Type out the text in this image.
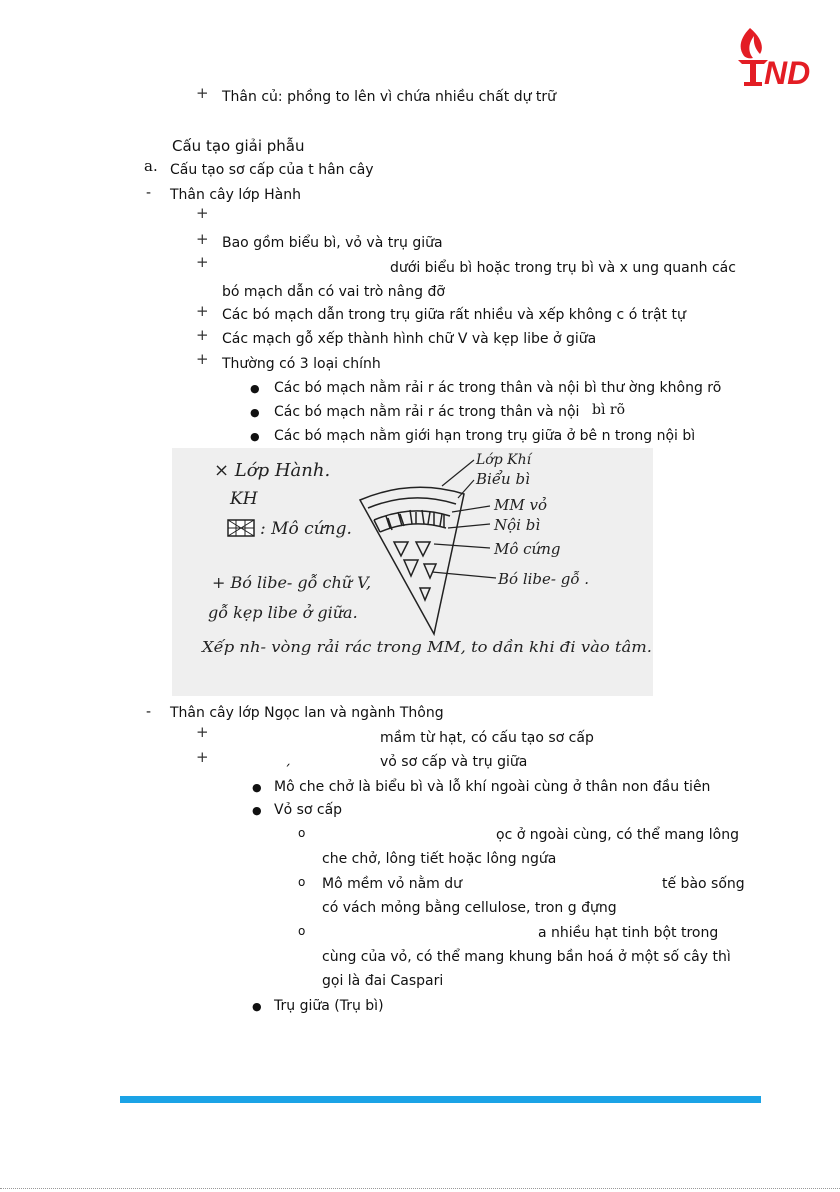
ND
+ Thân củ: phồng to lên vì chứa nhiều chất dự trữ
Cấu tạo giải phẫu
a. Cấu tạo sơ cấp của t hân cây
- Thân cây lớp Hành
+
+ Bao gồm biểu bì, vỏ và trụ giữa
+	dưới biểu bì hoặc trong trụ bì và x ung quanh các
bó mạch dẫn có vai trò nâng đỡ
+ Các bó mạch dẫn trong trụ giữa rất nhiều và xếp không c ó trật tự
+ Các mạch gỗ xếp thành hình chữ V và kẹp libe ở giữa
+ Thường có 3 loại chính
● Các bó mạch nằm rải r ác trong thân và nội bì thư ờng không rõ
● Các bó mạch nằm rải r ác trong thân và nội bì rõ
● Các bó mạch nằm giới hạn trong trụ giữa ở bê n trong nội bì
× Lớp Hành.
KH
: Mô cứng.
+ Bó libe- gỗ chữ V,
gỗ kẹp libe ở giữa.
Xếp nh- vòng rải rác trong MM, to dần khi đi vào tâm.
Lớp Khí
Biểu bì
MM vỏ
Nội bì
Mô cứng
Bó libe- gỗ .
- Thân cây lớp Ngọc lan và ngành Thông
+	mầm từ hạt, có cấu tạo sơ cấp
+	ˏ	vỏ sơ cấp và trụ giữa
● Mô che chở là biểu bì và lỗ khí ngoài cùng ở thân non đầu tiên
● Vỏ sơ cấp
o	ọc ở ngoài cùng, có thể mang lông
che chở, lông tiết hoặc lông ngứa
o Mô mềm vỏ nằm dư	tế bào sống
có vách mỏng bằng cellulose, tron g đựng
o	a nhiều hạt tinh bột trong
cùng của vỏ, có thể mang khung bần hoá ở một số cây thì
gọi là đai Caspari
● Trụ giữa (Trụ bì)
